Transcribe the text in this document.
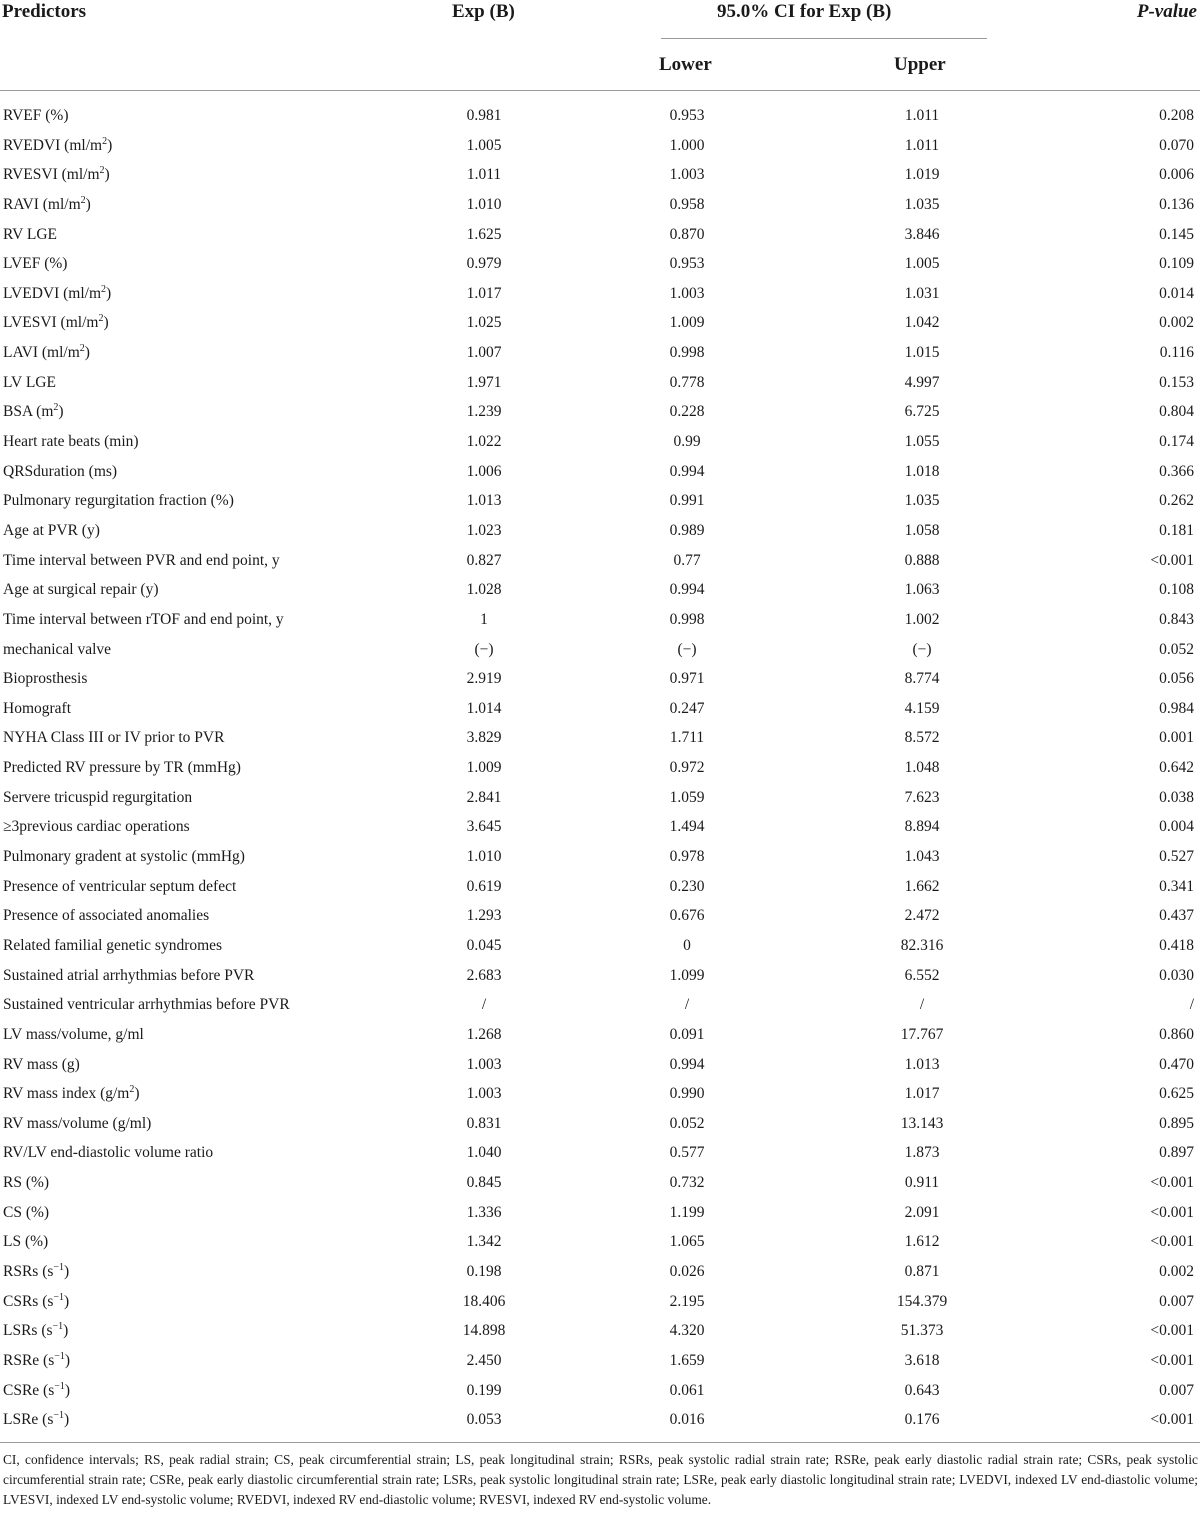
Predictors	Exp (B)	95.0% CI for Exp (B)	P-value
Lower	Upper
RVEF (%)	0.981	0.953	1.011	0.208
RVEDVI $(ml/m^2)$	1.005	1.000	1.011	0.070
RVESVI $(ml/m^2)$	1.011	1.003	1.019	0.006
RAVI $(ml/m^2)$	1.010	0.958	1.035	0.136
RV LGE	1.625	0.870	3.846	0.145
LVEF (%)	0.979	0.953	1.005	0.109
LVEDVI $(ml/m^2)$	1.017	1.003	1.031	0.014
LVESVI $(ml/m^2)$	1.025	1.009	1.042	0.002
LAVI $(ml/m^2)$	1.007	0.998	1.015	0.116
LV LGE	1.971	0.778	4.997	0.153
BSA $(m^2)$	1.239	0.228	6.725	0.804
Heart rate beats (min)	1.022	0.99	1.055	0.174
QRSduration (ms)	1.006	0.994	1.018	0.366
Pulmonary regurgitation fraction (%)	1.013	0.991	1.035	0.262
Age at PVR (y)	1.023	0.989	1.058	0.181
Time interval between PVR and end point, y	0.827	0.77	0.888	<0.001
Age at surgical repair (y)	1.028	0.994	1.063	0.108
Time interval between rTOF and end point, y	1	0.998	1.002	0.843
mechanical valve	(−)	(−)	(−)	0.052
Bioprosthesis	2.919	0.971	8.774	0.056
Homograft	1.014	0.247	4.159	0.984
NYHA Class III or IV prior to PVR	3.829	1.711	8.572	0.001
Predicted RV pressure by TR (mmHg)	1.009	0.972	1.048	0.642
Servere tricuspid regurgitation	2.841	1.059	7.623	0.038
≥3previous cardiac operations	3.645	1.494	8.894	0.004
Pulmonary gradent at systolic (mmHg)	1.010	0.978	1.043	0.527
Presence of ventricular septum defect	0.619	0.230	1.662	0.341
Presence of associated anomalies	1.293	0.676	2.472	0.437
Related familial genetic syndromes	0.045	0	82.316	0.418
Sustained atrial arrhythmias before PVR	2.683	1.099	6.552	0.030
Sustained ventricular arrhythmias before PVR	/	/	/	/
LV mass/volume, g/ml	1.268	0.091	17.767	0.860
RV mass (g)	1.003	0.994	1.013	0.470
RV mass index $(g/m^2)$	1.003	0.990	1.017	0.625
RV mass/volume (g/ml)	0.831	0.052	13.143	0.895
RV/LV end-diastolic volume ratio	1.040	0.577	1.873	0.897
RS (%)	0.845	0.732	0.911	<0.001
CS (%)	1.336	1.199	2.091	<0.001
LS (%)	1.342	1.065	1.612	<0.001
RSRs $(s^{-1})$	0.198	0.026	0.871	0.002
CSRs $(s^{-1})$	18.406	2.195	154.379	0.007
LSRs $(s^{-1})$	14.898	4.320	51.373	<0.001
RSRe $(s^{-1})$	2.450	1.659	3.618	<0.001
CSRe $(s^{-1})$	0.199	0.061	0.643	0.007
LSRe $(s^{-1})$	0.053	0.016	0.176	<0.001
CI, confidence intervals; RS, peak radial strain; CS, peak circumferential strain; LS, peak longitudinal strain; RSRs, peak systolic radial strain rate; RSRe, peak early diastolic radial strain rate; CSRs, peak systolic circumferential strain rate; CSRe, peak early diastolic circumferential strain rate; LSRs, peak systolic longitudinal strain rate; LSRe, peak early diastolic longitudinal strain rate; LVEDVI, indexed LV end-diastolic volume; LVESVI, indexed LV end-systolic volume; RVEDVI, indexed RV end-diastolic volume; RVESVI, indexed RV end-systolic volume.
